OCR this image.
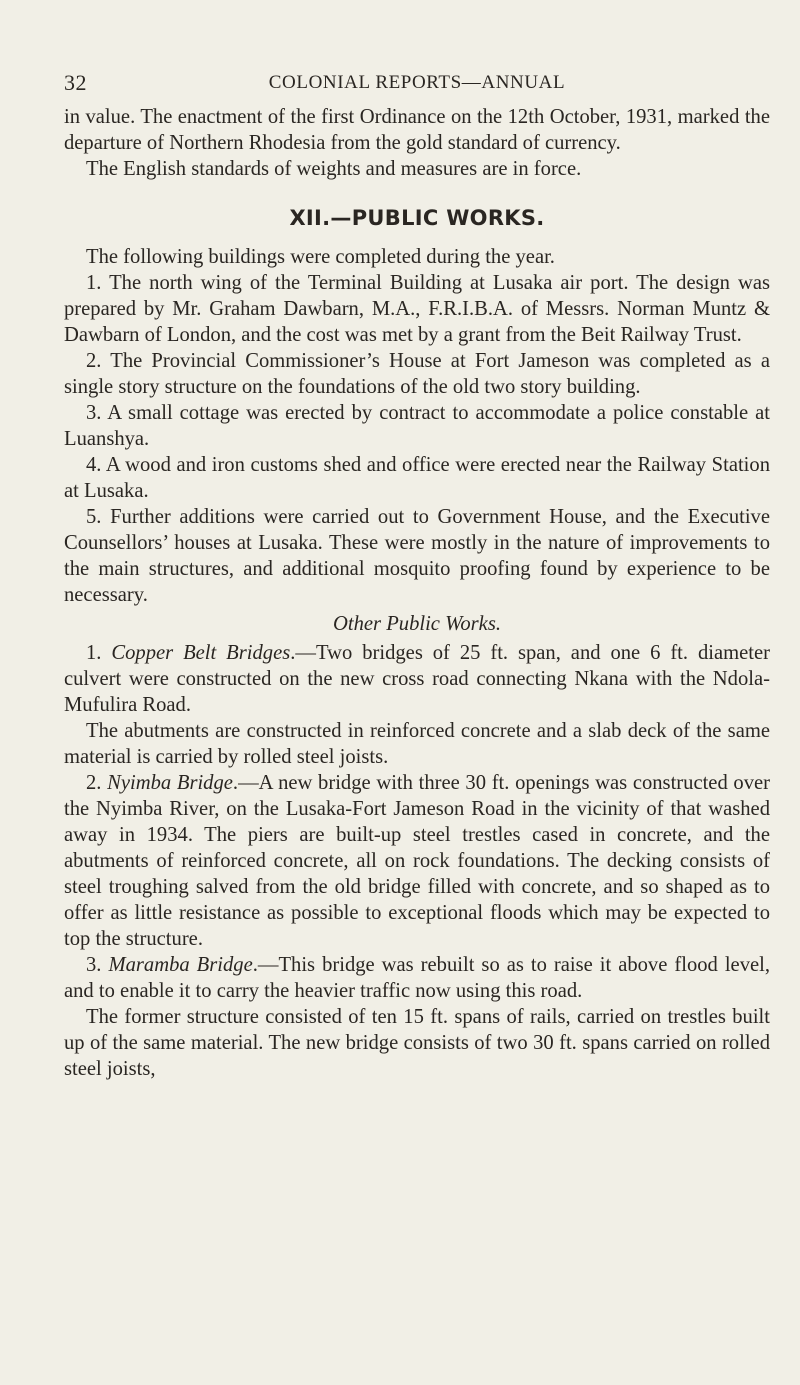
32	COLONIAL REPORTS—ANNUAL

in value. The enactment of the first Ordinance on the 12th October, 1931, marked the departure of Northern Rhodesia from the gold standard of currency.

The English standards of weights and measures are in force.

XII.—PUBLIC WORKS.

The following buildings were completed during the year.

1. The north wing of the Terminal Building at Lusaka air port. The design was prepared by Mr. Graham Dawbarn, M.A., F.R.I.B.A. of Messrs. Norman Muntz & Dawbarn of London, and the cost was met by a grant from the Beit Railway Trust.

2. The Provincial Commissioner’s House at Fort Jameson was completed as a single story structure on the foundations of the old two story building.

3. A small cottage was erected by contract to accommodate a police constable at Luanshya.

4. A wood and iron customs shed and office were erected near the Railway Station at Lusaka.

5. Further additions were carried out to Government House, and the Executive Counsellors’ houses at Lusaka. These were mostly in the nature of improvements to the main structures, and additional mosquito proofing found by experience to be necessary.

Other Public Works.

1. Copper Belt Bridges.—Two bridges of 25 ft. span, and one 6 ft. diameter culvert were constructed on the new cross road connecting Nkana with the Ndola-Mufulira Road.

The abutments are constructed in reinforced concrete and a slab deck of the same material is carried by rolled steel joists.

2. Nyimba Bridge.—A new bridge with three 30 ft. openings was constructed over the Nyimba River, on the Lusaka-Fort Jameson Road in the vicinity of that washed away in 1934. The piers are built-up steel trestles cased in concrete, and the abutments of reinforced concrete, all on rock foundations. The decking consists of steel troughing salved from the old bridge filled with concrete, and so shaped as to offer as little resistance as possible to exceptional floods which may be expected to top the structure.

3. Maramba Bridge.—This bridge was rebuilt so as to raise it above flood level, and to enable it to carry the heavier traffic now using this road.

The former structure consisted of ten 15 ft. spans of rails, carried on trestles built up of the same material. The new bridge consists of two 30 ft. spans carried on rolled steel joists,
